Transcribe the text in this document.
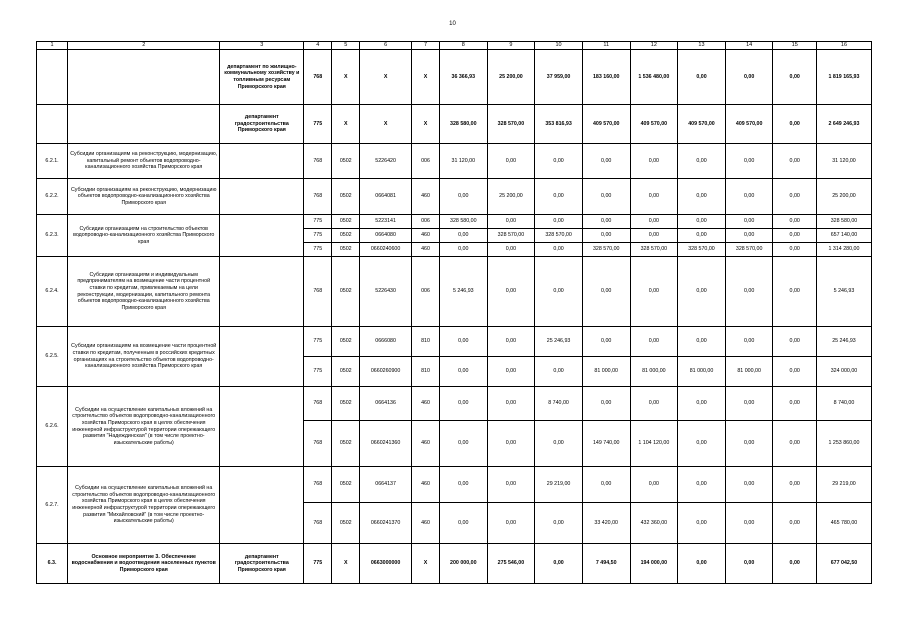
10
1	2	3	4	5	6	7	8	9	10	11	12	13	14	15	16
		департамент по жилищно-коммунальному хозяйству и топливным ресурсам Приморского края	768	X	X	X	36 366,93	25 200,00	37 959,00	183 160,00	1 536 480,00	0,00	0,00	0,00	1 819 165,93
		департамент градостроительства Приморского края	775	X	X	X	328 580,00	328 570,00	353 816,93	409 570,00	409 570,00	409 570,00	409 570,00	0,00	2 649 246,93
6.2.1.	Субсидии организациям на реконструкцию, модернизацию, капитальный ремонт объектов водопроводно-канализационного хозяйства Приморского края		768	0502	5226420	006	31 120,00	0,00	0,00	0,00	0,00	0,00	0,00	0,00	31 120,00
6.2.2.	Субсидии организациям на реконструкцию, модернизацию объектов водопроводно-канализационного хозяйства Приморского края		768	0502	0664081	460	0,00	25 200,00	0,00	0,00	0,00	0,00	0,00	0,00	25 200,00
6.2.3.	Субсидии организациям на строительство объектов водопроводно-канализационного хозяйства Приморского края		775	0502	5223141	006	328 580,00	0,00	0,00	0,00	0,00	0,00	0,00	0,00	328 580,00
			775	0502	0664080	460	0,00	328 570,00	328 570,00	0,00	0,00	0,00	0,00	0,00	657 140,00
			775	0502	0660240600	460	0,00	0,00	0,00	328 570,00	328 570,00	328 570,00	328 570,00	0,00	1 314 280,00
6.2.4.	Субсидии организациям и индивидуальным предпринимателям на возмещение части процентной ставки по кредитам, привлекаемым на цели реконструкции, модернизации, капитального ремонта объектов водопроводно-канализационного хозяйства Приморского края		768	0502	5226430	006	5 246,93	0,00	0,00	0,00	0,00	0,00	0,00	0,00	5 246,93
6.2.5.	Субсидии организациям на возмещение части процентной ставки по кредитам, полученным в российских кредитных организациях на строительство объектов водопроводно-канализационного хозяйства Приморского края		775	0502	0666080	810	0,00	0,00	25 246,93	0,00	0,00	0,00	0,00	0,00	25 246,93
			775	0502	0660260900	810	0,00	0,00	0,00	81 000,00	81 000,00	81 000,00	81 000,00	0,00	324 000,00
6.2.6.	Субсидии на осуществление капитальных вложений на строительство объектов водопроводно-канализационного хозяйства Приморского края в целях обеспечения инженерной инфраструктурой территории опережающего развития "Надеждинская" (в том числе проектно-изыскательские работы)		768	0502	0664136	460	0,00	0,00	8 740,00	0,00	0,00	0,00	0,00	0,00	8 740,00
			768	0502	0660241360	460	0,00	0,00	0,00	149 740,00	1 104 120,00	0,00	0,00	0,00	1 253 860,00
6.2.7.	Субсидии на осуществление капитальных вложений на строительство объектов водопроводно-канализационного хозяйства Приморского края в целях обеспечения инженерной инфраструктурой территории опережающего развития "Михайловский" (в том числе проектно-изыскательские работы)		768	0502	0664137	460	0,00	0,00	29 219,00	0,00	0,00	0,00	0,00	0,00	29 219,00
			768	0502	0660241370	460	0,00	0,00	0,00	33 420,00	432 360,00	0,00	0,00	0,00	465 780,00
6.3.	Основное мероприятие 3. Обеспечение водоснабжения и водоотведения населенных пунктов Приморского края	департамент градостроительства Приморского края	775	X	0663000000	X	200 000,00	275 546,00	0,00	7 494,50	194 000,00	0,00	0,00	0,00	677 042,50
